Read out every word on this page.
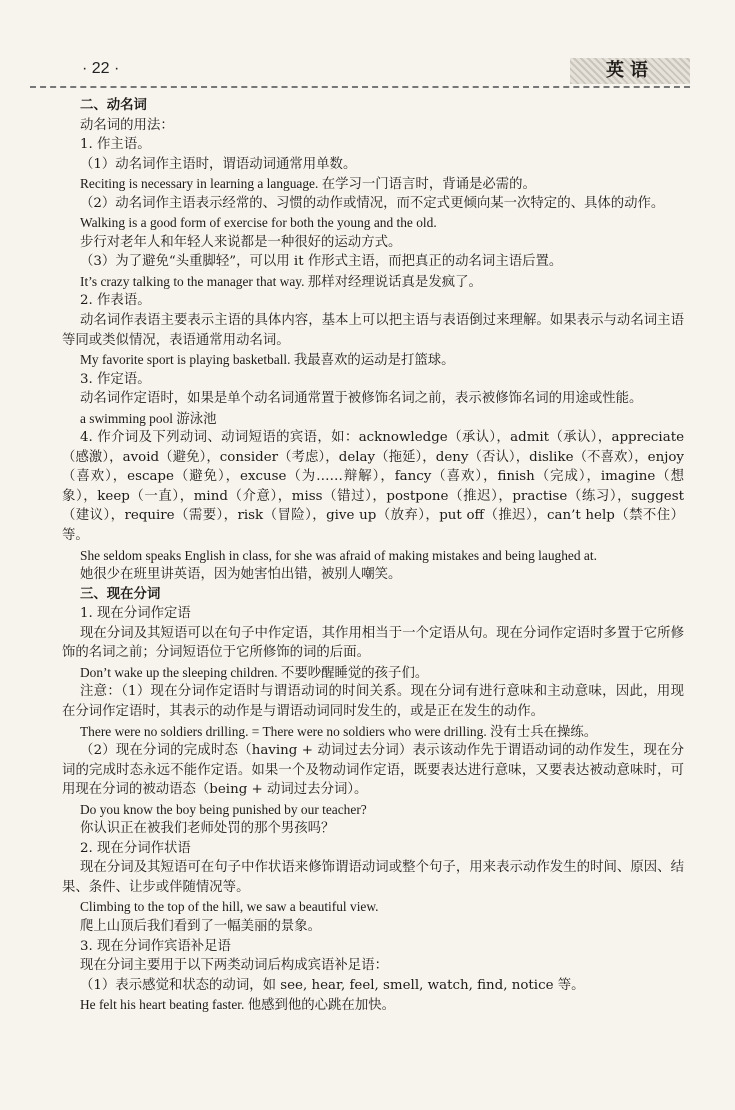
· 22 ·	英语

二、动名词

动名词的用法：

1. 作主语。

（1）动名词作主语时，谓语动词通常用单数。

Reciting is necessary in learning a language. 在学习一门语言时，背诵是必需的。

（2）动名词作主语表示经常的、习惯的动作或情况，而不定式更倾向某一次特定的、具体的动作。

Walking is a good form of exercise for both the young and the old.

步行对老年人和年轻人来说都是一种很好的运动方式。

（3）为了避免“头重脚轻”，可以用 it 作形式主语，而把真正的动名词主语后置。

It’s crazy talking to the manager that way. 那样对经理说话真是发疯了。

2. 作表语。

动名词作表语主要表示主语的具体内容，基本上可以把主语与表语倒过来理解。如果表示与动名词主语等同或类似情况，表语通常用动名词。

My favorite sport is playing basketball. 我最喜欢的运动是打篮球。

3. 作定语。

动名词作定语时，如果是单个动名词通常置于被修饰名词之前，表示被修饰名词的用途或性能。

a swimming pool 游泳池

4. 作介词及下列动词、动词短语的宾语，如：acknowledge（承认），admit（承认），appreciate（感激），avoid（避免），consider（考虑），delay（拖延），deny（否认），dislike（不喜欢），enjoy（喜欢），escape（避免），excuse（为……辩解），fancy（喜欢），finish（完成），imagine（想象），keep（一直），mind（介意），miss（错过），postpone（推迟），practise（练习），suggest（建议），require（需要），risk（冒险），give up（放弃），put off（推迟），can’t help（禁不住）等。

She seldom speaks English in class, for she was afraid of making mistakes and being laughed at.

她很少在班里讲英语，因为她害怕出错，被别人嘲笑。

三、现在分词

1. 现在分词作定语

现在分词及其短语可以在句子中作定语，其作用相当于一个定语从句。现在分词作定语时多置于它所修饰的名词之前；分词短语位于它所修饰的词的后面。

Don’t wake up the sleeping children. 不要吵醒睡觉的孩子们。

注意：（1）现在分词作定语时与谓语动词的时间关系。现在分词有进行意味和主动意味，因此，用现在分词作定语时，其表示的动作是与谓语动词同时发生的，或是正在发生的动作。

There were no soldiers drilling. = There were no soldiers who were drilling. 没有士兵在操练。

（2）现在分词的完成时态（having + 动词过去分词）表示该动作先于谓语动词的动作发生，现在分词的完成时态永远不能作定语。如果一个及物动词作定语，既要表达进行意味，又要表达被动意味时，可用现在分词的被动语态（being + 动词过去分词）。

Do you know the boy being punished by our teacher?

你认识正在被我们老师处罚的那个男孩吗？

2. 现在分词作状语

现在分词及其短语可在句子中作状语来修饰谓语动词或整个句子，用来表示动作发生的时间、原因、结果、条件、让步或伴随情况等。

Climbing to the top of the hill, we saw a beautiful view.

爬上山顶后我们看到了一幅美丽的景象。

3. 现在分词作宾语补足语

现在分词主要用于以下两类动词后构成宾语补足语：

（1）表示感觉和状态的动词，如 see, hear, feel, smell, watch, find, notice 等。

He felt his heart beating faster. 他感到他的心跳在加快。
